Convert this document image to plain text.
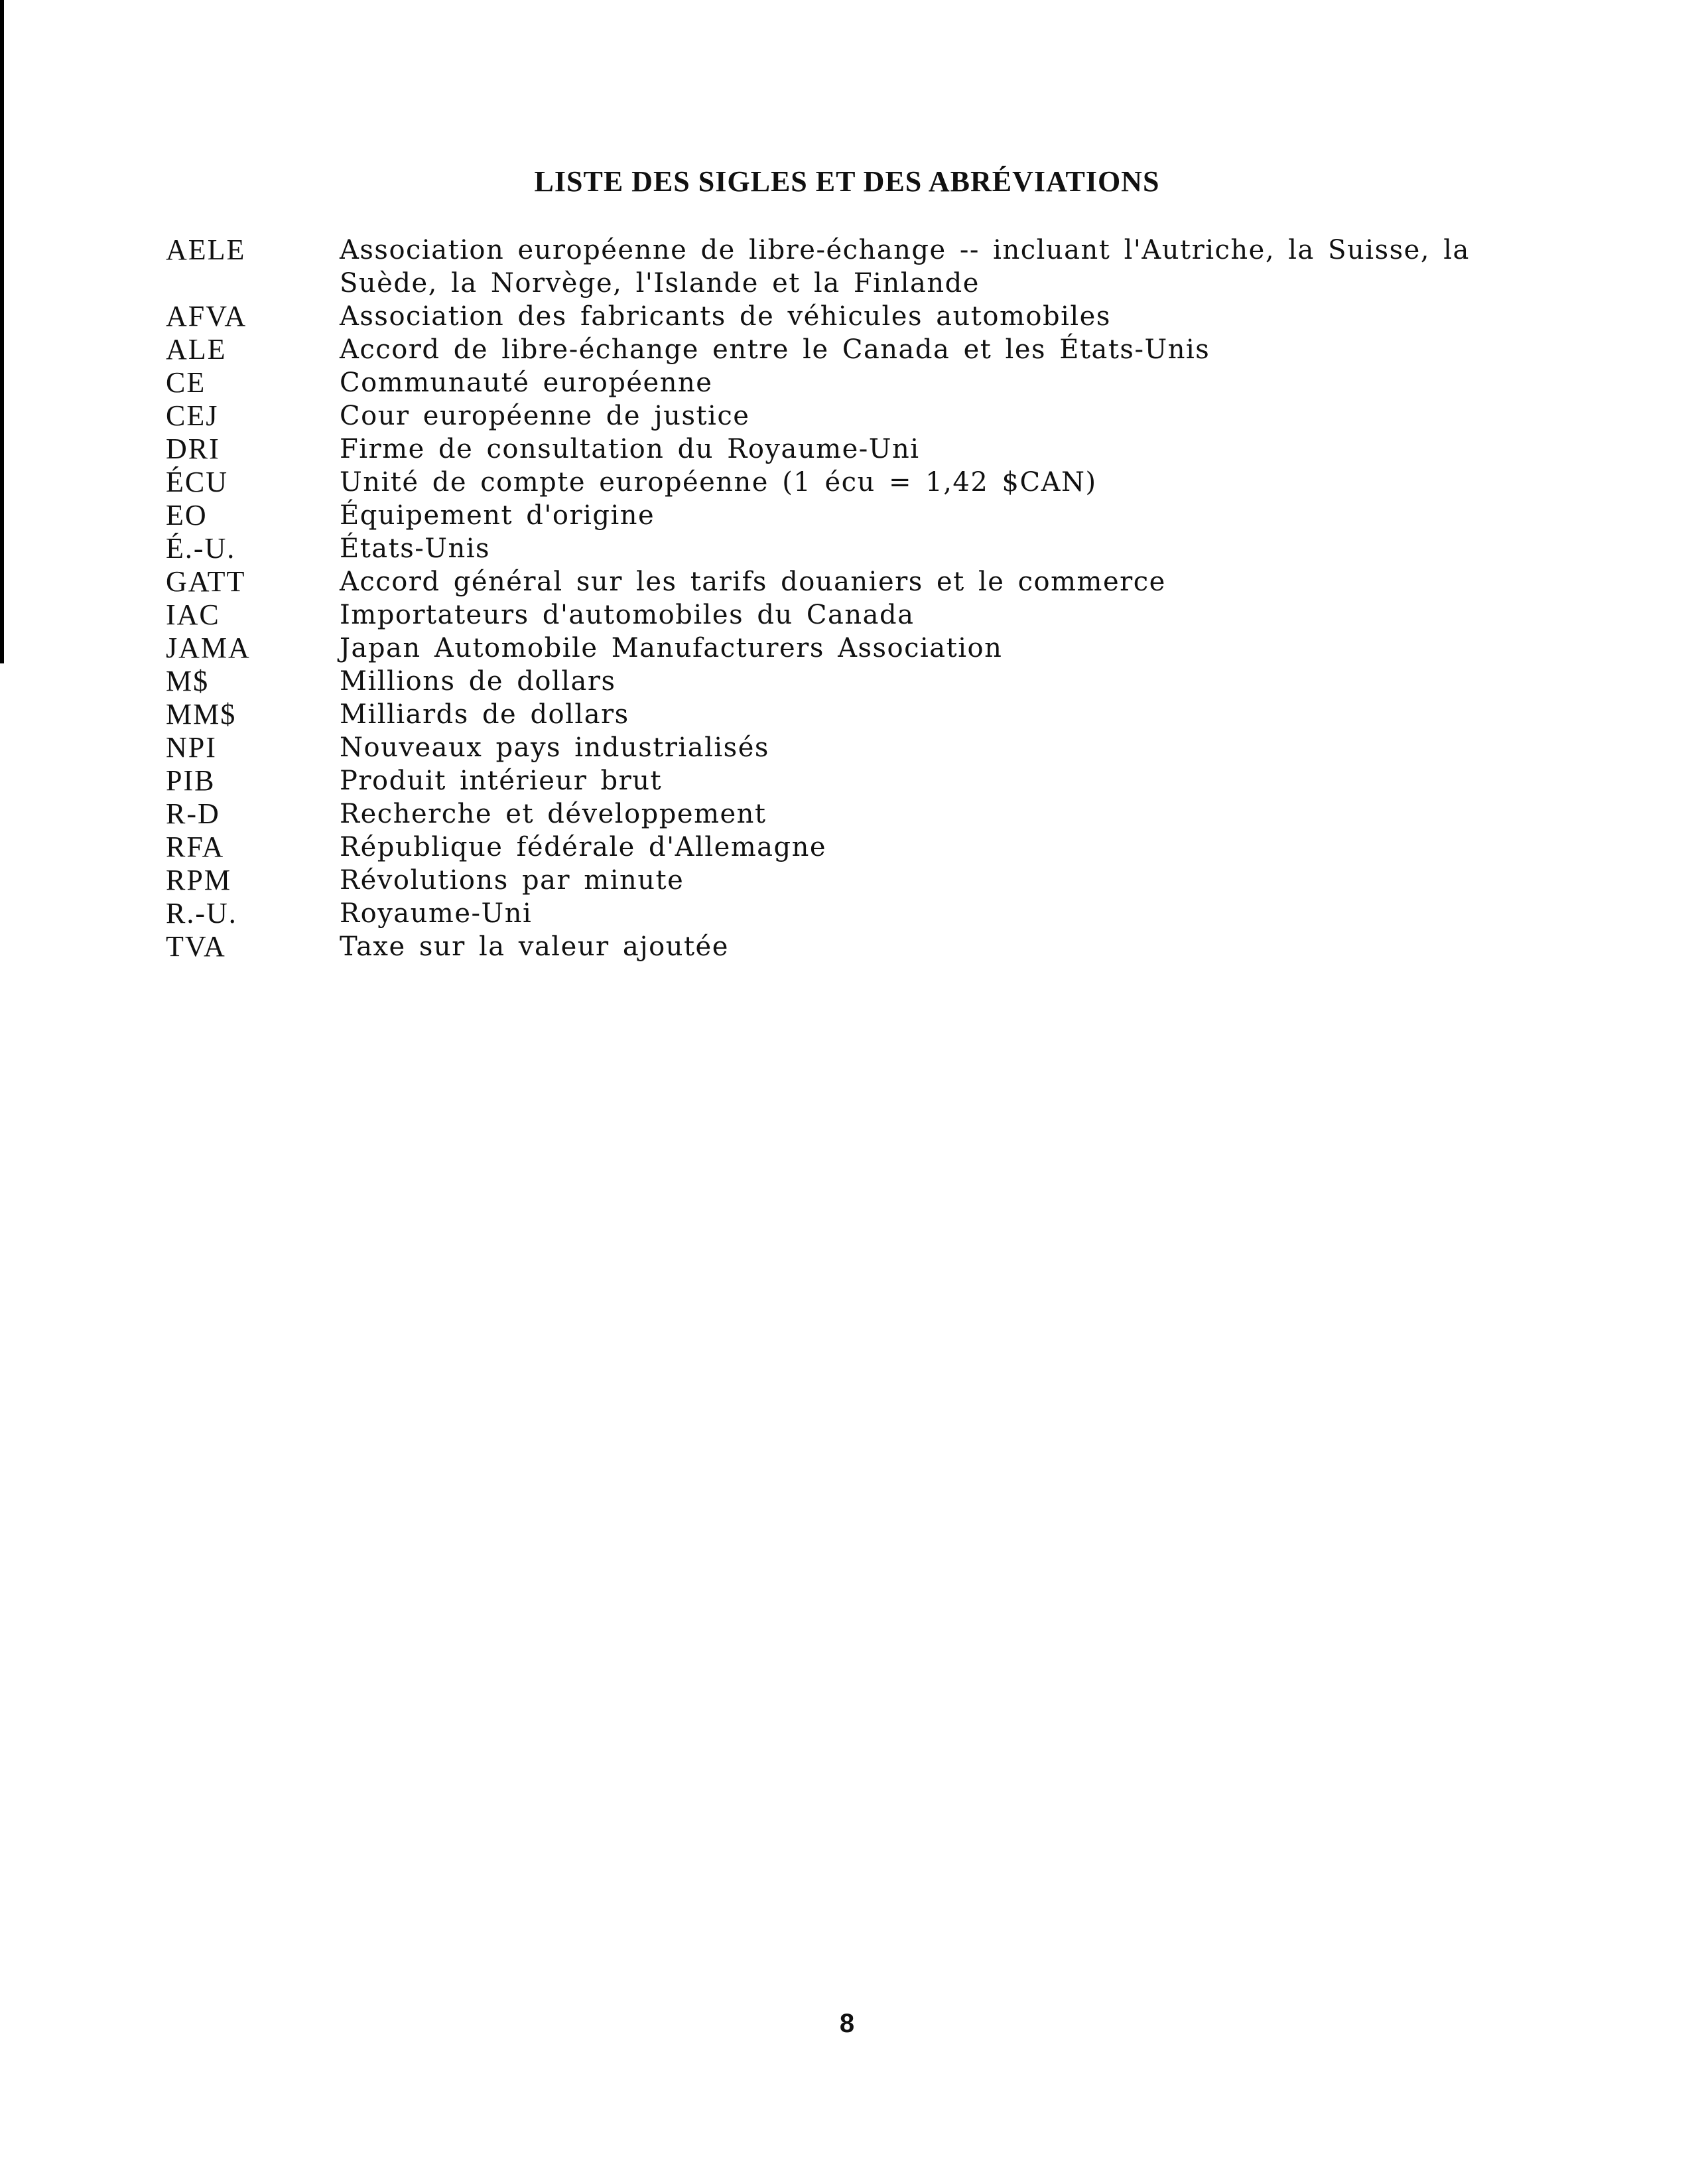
LISTE DES SIGLES ET DES ABRÉVIATIONS
AELE	Association européenne de libre-échange -- incluant l'Autriche, la Suisse, la Suède, la Norvège, l'Islande et la Finlande
AFVA	Association des fabricants de véhicules automobiles
ALE	Accord de libre-échange entre le Canada et les États-Unis
CE	Communauté européenne
CEJ	Cour européenne de justice
DRI	Firme de consultation du Royaume-Uni
ÉCU	Unité de compte européenne (1 écu = 1,42 $CAN)
EO	Équipement d'origine
É.-U.	États-Unis
GATT	Accord général sur les tarifs douaniers et le commerce
IAC	Importateurs d'automobiles du Canada
JAMA	Japan Automobile Manufacturers Association
M$	Millions de dollars
MM$	Milliards de dollars
NPI	Nouveaux pays industrialisés
PIB	Produit intérieur brut
R-D	Recherche et développement
RFA	République fédérale d'Allemagne
RPM	Révolutions par minute
R.-U.	Royaume-Uni
TVA	Taxe sur la valeur ajoutée
8
